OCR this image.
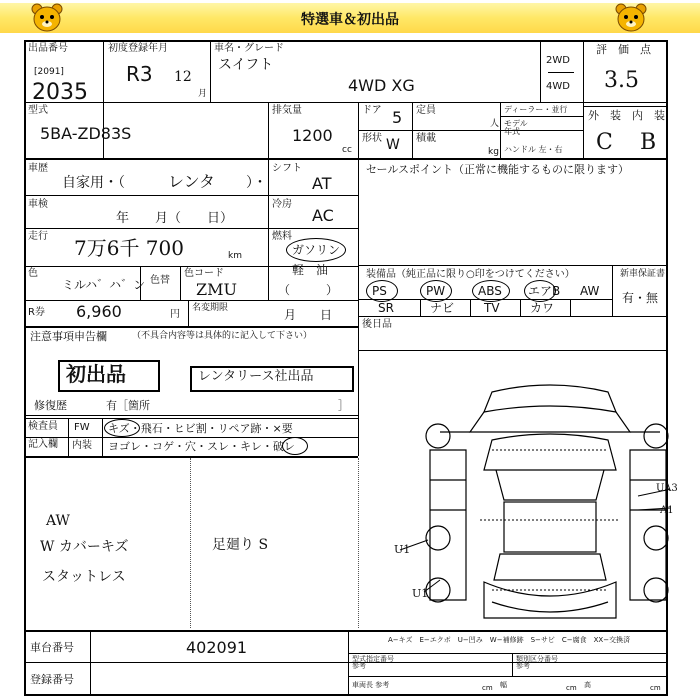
特選車＆初出品
出品番号
[2091]
2035
初度登録年月
R3 12
月
車名・グレード
スイフト
4WD XG
2WD
4WD
評　価　点
3.5
型式
5BA-ZD83S
排気量
1200
cc
ドア 5 定員
人
形状 W 積載
kg
ディーラー・並行
モデル
年式
ハンドル 左・右
外　装　内　装
C B
車歴
自家用・（	レンタ ）・
車検
年　　月（　　日）
走行 7万6千 700	km
色
ミルハ゛ハ゛ン 色替
色コード
ZMU
R券 6,960	円
名変期限	月　　日
シフト
AT
冷房
AC
燃料
ガソリン
軽　油
（　　　）
セールスポイント（正常に機能するものに限ります）
装備品（純正品に限り○印をつけてください）
PS	PW	ABS エアB AW
SR	ナビ TV	カワ
新車保証書
有・無
後日品
注意事項申告欄	（不具合内容等は具体的に記入して下さい）
初出品	レンタリース社出品
修復歴	有［箇所	］
検査員
記入欄
FW キズ・飛石・ヒビ割・リペア跡・×要
内装 ヨゴレ・コゲ・穴・スレ・キレ・破レ
AW
W カバーキズ
スタットレス
足廻り S	U1
U1
UA3
A1
車台番号	402091
登録番号
A−キズ　E−エクボ　U−凹み　W−補修跡　S−サビ　C−腐食　XX−交換済
型式指定番号
参考
類別区分番号
参考
車両長 参考	cm 幅	cm 高	cm
